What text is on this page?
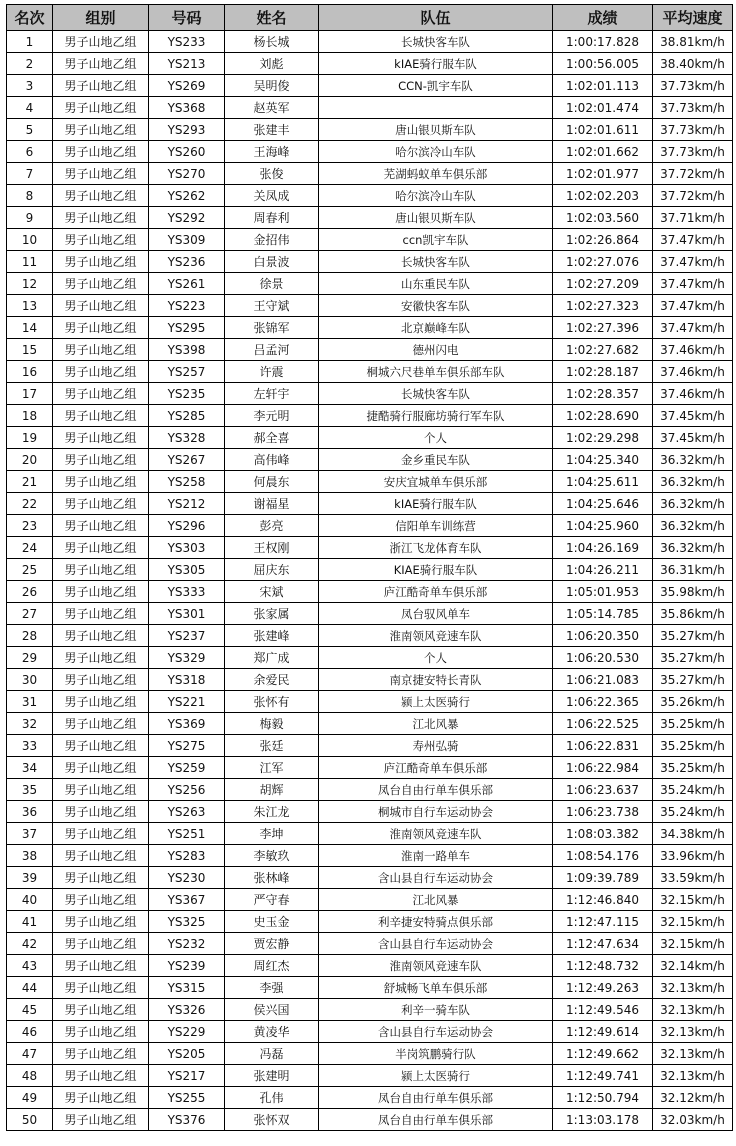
名次	组别	号码	姓名	队伍	成绩	平均速度
1	男子山地乙组	YS233	杨长城	长城快客车队	1:00:17.828	38.81km/h
2	男子山地乙组	YS213	刘彪	kIAE骑行服车队	1:00:56.005	38.40km/h
3	男子山地乙组	YS269	吴明俊	CCN-凯宇车队	1:02:01.113	37.73km/h
4	男子山地乙组	YS368	赵英军		1:02:01.474	37.73km/h
5	男子山地乙组	YS293	张建丰	唐山银贝斯车队	1:02:01.611	37.73km/h
6	男子山地乙组	YS260	王海峰	哈尔滨冷山车队	1:02:01.662	37.73km/h
7	男子山地乙组	YS270	张俊	芜湖蚂蚁单车俱乐部	1:02:01.977	37.72km/h
8	男子山地乙组	YS262	关凤成	哈尔滨冷山车队	1:02:02.203	37.72km/h
9	男子山地乙组	YS292	周春利	唐山银贝斯车队	1:02:03.560	37.71km/h
10	男子山地乙组	YS309	金招伟	ccn凯宇车队	1:02:26.864	37.47km/h
11	男子山地乙组	YS236	白景波	长城快客车队	1:02:27.076	37.47km/h
12	男子山地乙组	YS261	徐景	山东重民车队	1:02:27.209	37.47km/h
13	男子山地乙组	YS223	王守斌	安徽快客车队	1:02:27.323	37.47km/h
14	男子山地乙组	YS295	张锦军	北京巅峰车队	1:02:27.396	37.47km/h
15	男子山地乙组	YS398	吕孟河	德州闪电	1:02:27.682	37.46km/h
16	男子山地乙组	YS257	许震	桐城六尺巷单车俱乐部车队	1:02:28.187	37.46km/h
17	男子山地乙组	YS235	左轩宇	长城快客车队	1:02:28.357	37.46km/h
18	男子山地乙组	YS285	李元明	捷酷骑行服廊坊骑行军车队	1:02:28.690	37.45km/h
19	男子山地乙组	YS328	郝全喜	个人	1:02:29.298	37.45km/h
20	男子山地乙组	YS267	高伟峰	金乡重民车队	1:04:25.340	36.32km/h
21	男子山地乙组	YS258	何晨东	安庆宜城单车俱乐部	1:04:25.611	36.32km/h
22	男子山地乙组	YS212	谢福星	kIAE骑行服车队	1:04:25.646	36.32km/h
23	男子山地乙组	YS296	彭亮	信阳单车训练营	1:04:25.960	36.32km/h
24	男子山地乙组	YS303	王权刚	浙江飞龙体育车队	1:04:26.169	36.32km/h
25	男子山地乙组	YS305	屈庆东	KIAE骑行服车队	1:04:26.211	36.31km/h
26	男子山地乙组	YS333	宋斌	庐江酷奇单车俱乐部	1:05:01.953	35.98km/h
27	男子山地乙组	YS301	张家属	凤台驭风单车	1:05:14.785	35.86km/h
28	男子山地乙组	YS237	张建峰	淮南领风竞速车队	1:06:20.350	35.27km/h
29	男子山地乙组	YS329	郑广成	个人	1:06:20.530	35.27km/h
30	男子山地乙组	YS318	余爱民	南京捷安特长青队	1:06:21.083	35.27km/h
31	男子山地乙组	YS221	张怀有	颍上太医骑行	1:06:22.365	35.26km/h
32	男子山地乙组	YS369	梅毅	江北风暴	1:06:22.525	35.25km/h
33	男子山地乙组	YS275	张廷	寿州弘骑	1:06:22.831	35.25km/h
34	男子山地乙组	YS259	江军	庐江酷奇单车俱乐部	1:06:22.984	35.25km/h
35	男子山地乙组	YS256	胡辉	凤台自由行单车俱乐部	1:06:23.637	35.24km/h
36	男子山地乙组	YS263	朱江龙	桐城市自行车运动协会	1:06:23.738	35.24km/h
37	男子山地乙组	YS251	李坤	淮南领风竞速车队	1:08:03.382	34.38km/h
38	男子山地乙组	YS283	李敏玖	淮南一路单车	1:08:54.176	33.96km/h
39	男子山地乙组	YS230	张林峰	含山县自行车运动协会	1:09:39.789	33.59km/h
40	男子山地乙组	YS367	严守春	江北风暴	1:12:46.840	32.15km/h
41	男子山地乙组	YS325	史玉金	利辛捷安特骑点俱乐部	1:12:47.115	32.15km/h
42	男子山地乙组	YS232	贾宏静	含山县自行车运动协会	1:12:47.634	32.15km/h
43	男子山地乙组	YS239	周红杰	淮南领风竞速车队	1:12:48.732	32.14km/h
44	男子山地乙组	YS315	李强	舒城畅飞单车俱乐部	1:12:49.263	32.13km/h
45	男子山地乙组	YS326	侯兴国	利辛一骑车队	1:12:49.546	32.13km/h
46	男子山地乙组	YS229	黄凌华	含山县自行车运动协会	1:12:49.614	32.13km/h
47	男子山地乙组	YS205	冯磊	半岗筑鹏骑行队	1:12:49.662	32.13km/h
48	男子山地乙组	YS217	张建明	颍上太医骑行	1:12:49.741	32.13km/h
49	男子山地乙组	YS255	孔伟	凤台自由行单车俱乐部	1:12:50.794	32.12km/h
50	男子山地乙组	YS376	张怀双	凤台自由行单车俱乐部	1:13:03.178	32.03km/h
